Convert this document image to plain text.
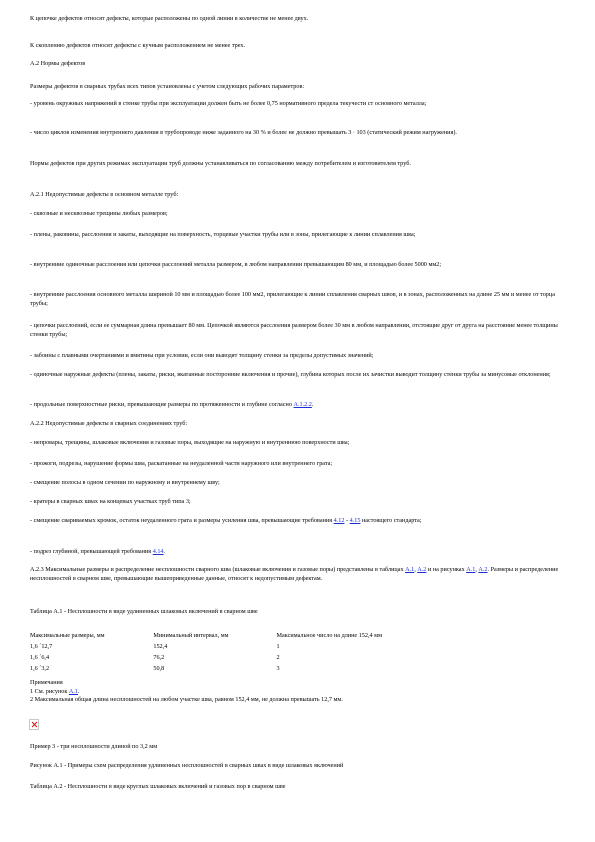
К цепочке дефектов относят дефекты, которые расположены по одной линии в количестве не менее двух.

К скоплению дефектов относят дефекты с кучным расположением не менее трех.

А.2 Нормы дефектов

Размеры дефектов в сварных трубах всех типов установлены с учетом следующих рабочих параметров:

- уровень окружных напряжений в стенке трубы при эксплуатации должен быть не более 0,75 нормативного предела текучести ст основного металла;

- число циклов изменения внутреннего давления в трубопроводе ниже заданного на 30 % и более не должно превышать 3 · 103 (статический режим нагружения).

Нормы дефектов при других режимах эксплуатации труб должны устанавливаться по согласованию между потребителем и изготовителем труб.

А.2.1 Недопустимые дефекты в основном металле труб:

- сквозные и несквозные трещины любых размеров;

- плены, раковины, расслоения и закаты, выходящие на поверхность, торцевые участки трубы или в зоны, прилегающие к линии сплавления шва;

- внутренние одиночные расслоения или цепочки расслоений металла размером, в любом направлении превышающим 80 мм, и площадью более 5000 мм2;

- внутренние расслоения основного металла шириной 10 мм и площадью более 100 мм2, прилегающие к линии сплавления сварных швов, и в зонах, расположенных на длине 25 мм и менее от торца трубы;

- цепочки расслоений, если ее суммарная длина превышает 80 мм. Цепочкой являются расслоения размером более 30 мм в любом направлении, отстоящие друг от друга на расстояние менее толщины стенки трубы;

- забоины с плавными очертаниями и вмятины при условии, если они выводят толщину стенки за пределы допустимых значений;

- одиночные наружные дефекты (плены, закаты, риски, вкатанные посторонние включения и прочие), глубина которых после их зачистки выводит толщину стенки трубы за минусовые отклонения;

- продольные поверхностные риски, превышающие размеры по протяженности и глубине согласно А.1.2.2.

А.2.2 Недопустимые дефекты в сварных соединениях труб:

- непровары, трещины, шлаковые включения и газовые поры, выходящие на наружную и внутреннюю поверхности шва;

- прожоги, подрезы, нарушение формы шва, раскатанные на неудаленной части наружного или внутреннего грата;

- смещение полосы в одном сечении по наружному и внутреннему шву;

- кратеры в сварных швах на концевых участках труб типа 3;

- смещение свариваемых кромок, остаток неудаленного грата и размеры усиления шва, превышающие требования 4.12 - 4.15 настоящего стандарта;

- подрез глубиной, превышающей требования 4.14.

А.2.3 Максимальные размеры и распределение несплошности сварного шва (шлаковые включения и газовые поры) представлены в таблицах А.1, А.2 и на рисунках А.1, А.2. Размеры и распределение несплошностей в сварном шве, превышающие вышеприведенные данные, относят к недопустимым дефектам.

Таблица А.1 - Несплошности в виде удлиненных шлаковых включений в сварном шве

Максимальные размеры, мм	Минимальный интервал, мм	Максимальное число на длине 152,4 мм
1,6 ´12,7	152,4	1
1,6 ´6,4	76,2	2
1,6 ´3,2	50,8	3
Примечания
1 См. рисунок А.1.
2 Максимальная общая длина несплошностей на любом участке шва, равном 152,4 мм, не должна превышать 12,7 мм.

Пример 3 - три несплошности длиной по 3,2 мм

Рисунок А.1 - Примеры схем распределения удлиненных несплошностей в сварных швах в виде шлаковых включений

Таблица А.2 - Несплошности в виде круглых шлаковых включений и газовых пор в сварном шве
